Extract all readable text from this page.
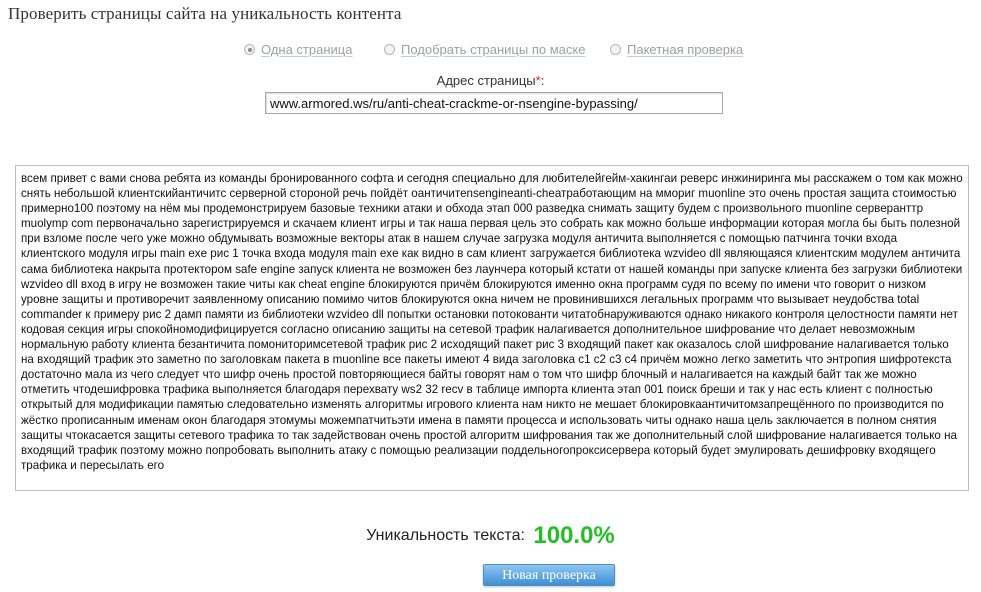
Проверить страницы сайта на уникальность контента
Одна страница	Подобрать страницы по маске	Пакетная проверка
Адрес страницы*:
www.armored.ws/ru/anti-cheat-crackme-or-nsengine-bypassing/
всем привет с вами снова ребята из команды бронированного софта и сегодня специально для любителейгейм-хакингаи реверс инжиниринга мы расскажем о том как можно снять небольшой клиентскийантичитс серверной стороной речь пойдёт оантичитеnsengineanti-cheатработающим на ммориг muonline это очень простая защита стоимостью примерно100 поэтому на нём мы продемонстрируем базовые техники атаки и обхода этап 000 разведка снимать защиту будем с произвольного muonline серверанттр muolymp com первоначально зарегистрируемся и скачаем клиент игры и так наша первая цель это собрать как можно больше информации которая могла бы быть полезной при взломе после чего уже можно обдумывать возможные векторы атак в нашем случае загрузка модуля античита выполняется с помощью патчинга точки входа клиентского модуля игры main exe рис 1 точка входа модуля main exe как видно в сам клиент загружается библиотека wzvideo dll являющаяся клиентским модулем античита сама библиотека накрыта протектором safe engine запуск клиента не возможен без лаунчера который кстати от нашей команды при запуске клиента без загрузки библиотеки wzvideo dll вход в игру не возможен такие читы как cheat engine блокируются причём блокируются именно окна программ судя по всему по имени что говорит о низком уровне защиты и противоречит заявленному описанию помимо читов блокируются окна ничем не провинившихся легальных программ что вызывает неудобства total commander к примеру рис 2 дамп памяти из библиотеки wzvideo dll попытки остановки потокованти читатобнаруживаются однако никакого контроля целостности памяти нет кодовая секция игры спокойномодифицируется согласно описанию защиты на сетевой трафик налагивается дополнительное шифрование что делает невозможным нормальную работу клиента безантичита помониторимсетевой трафик рис 2 исходящий пакет рис 3 входящий пакет как оказалось слой шифрование налагивается только на входящий трафик это заметно по заголовкам пакета в muonline все пакеты имеют 4 вида заголовка c1 c2 c3 c4 причём можно легко заметить что энтропия шифротекста достаточно мала из чего следует что шифр очень простой повторяющиеся байты говорят нам о том что шифр блочный и налагивается на каждый байт так же можно отметить чтодешифровка трафика выполняется благодаря перехвату ws2 32 recv в таблице импорта клиента этап 001 поиск бреши и так у нас есть клиент с полностью открытый для модификации памятью следовательно изменять алгоритмы игрового клиента нам никто не мешает блокировкаантичитомзапрещённого по производится по жёстко прописанным именам окон благодаря этомумы можемпатчитьэти имена в памяти процесса и использовать читы однако наша цель заключается в полном снятия защиты чтокасается защиты сетевого трафика то так задействован очень простой алгоритм шифрования так же дополнительный слой шифрование налагивается только на входящий трафик поэтому можно попробовать выполнить атаку с помощью реализации поддельногопроксисервера который будет эмулировать дешифровку входящего трафика и пересылать его
Уникальность текста: 100.0%
Новая проверка
